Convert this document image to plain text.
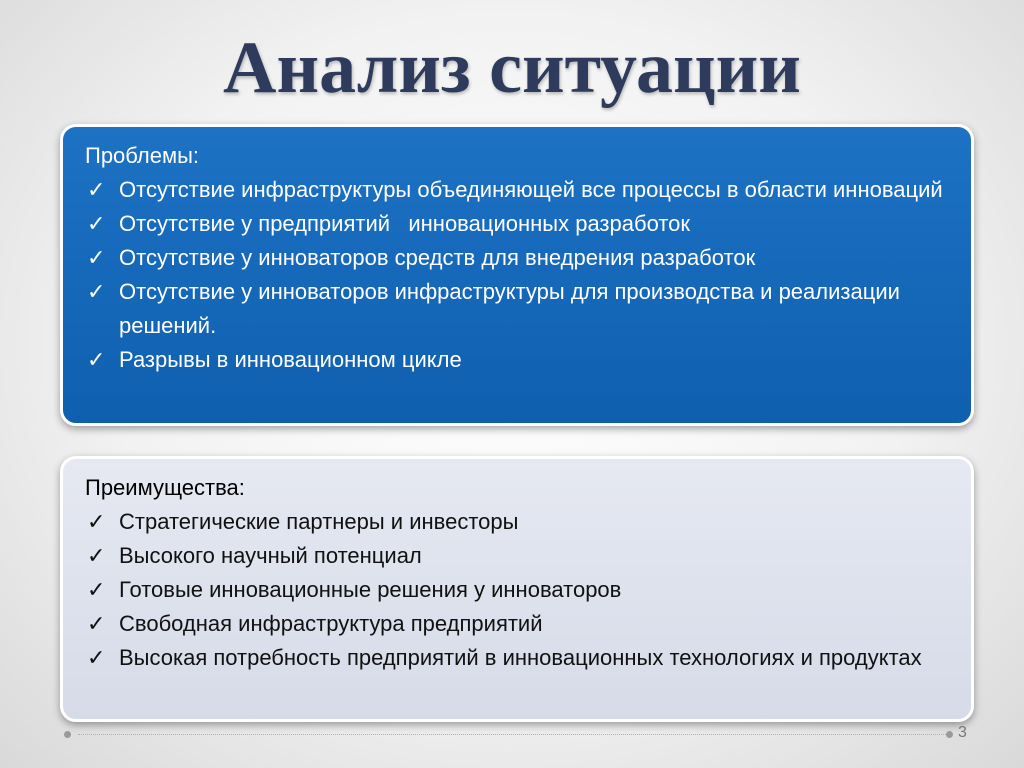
Анализ ситуации

Проблемы:

✓ Отсутствие инфраструктуры объединяющей все процессы в области инноваций
✓ Отсутствие у предприятий   инновационных разработок
✓ Отсутствие у инноваторов средств для внедрения разработок
✓ Отсутствие у инноваторов инфраструктуры для производства и реализации решений.
✓ Разрывы в инновационном цикле

Преимущества:

✓ Стратегические партнеры и инвесторы
✓ Высокого научный потенциал
✓ Готовые инновационные решения у инноваторов
✓ Свободная инфраструктура предприятий
✓ Высокая потребность предприятий в инновационных технологиях и продуктах
3
